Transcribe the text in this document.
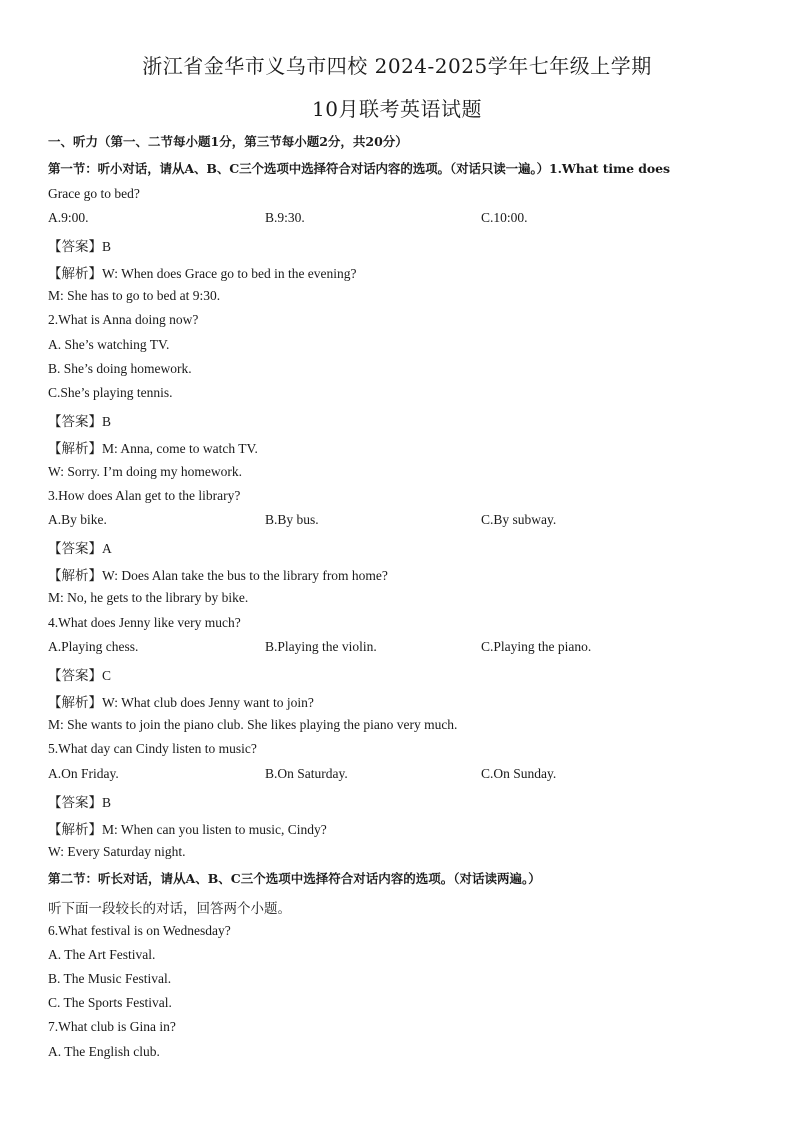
浙江省金华市义乌市四校 2024-2025学年七年级上学期
10月联考英语试题
一、听力（第一、二节每小题1分，第三节每小题2分，共20分）
第一节：听小对话，请从A、B、C三个选项中选择符合对话内容的选项。（对话只读一遍。）1.What time does
Grace go to bed?
A.9:00.	B.9:30.	C.10:00.
【答案】B
【解析】W: When does Grace go to bed in the evening?
M: She has to go to bed at 9:30.
2.What is Anna doing now?
A. She’s watching TV.
B. She’s doing homework.
C.She’s playing tennis.
【答案】B
【解析】M: Anna, come to watch TV.
W: Sorry. I’m doing my homework.
3.How does Alan get to the library?
A.By bike.	B.By bus.	C.By subway.
【答案】A
【解析】W: Does Alan take the bus to the library from home?
M: No, he gets to the library by bike.
4.What does Jenny like very much?
A.Playing chess.	B.Playing the violin.	C.Playing the piano.
【答案】C
【解析】W: What club does Jenny want to join?
M: She wants to join the piano club. She likes playing the piano very much.
5.What day can Cindy listen to music?
A.On Friday.	B.On Saturday.	C.On Sunday.
【答案】B
【解析】M: When can you listen to music, Cindy?
W: Every Saturday night.
第二节：听长对话，请从A、B、C三个选项中选择符合对话内容的选项。（对话读两遍。）
听下面一段较长的对话，回答两个小题。
6.What festival is on Wednesday?
A. The Art Festival.
B. The Music Festival.
C. The Sports Festival.
7.What club is Gina in?
A. The English club.
